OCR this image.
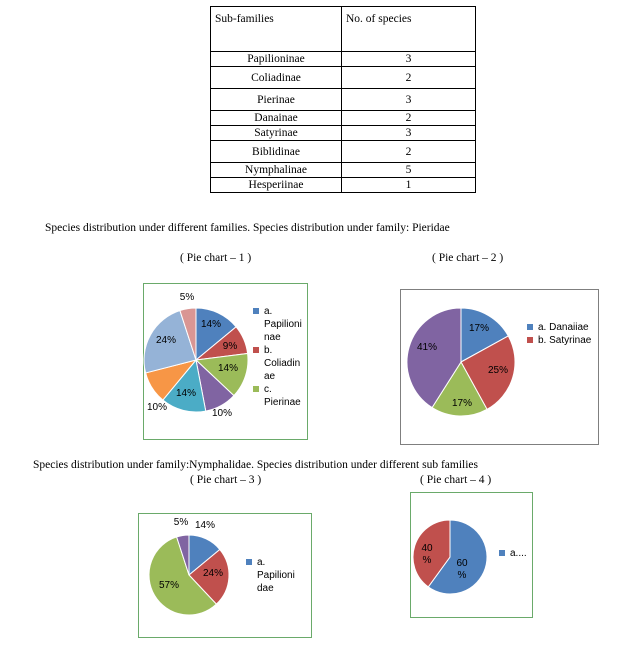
Sub-families	No. of species
Papilioninae	3
Coliadinae	2
Pierinae	3
Danainae	2
Satyrinae	3
Biblidinae	2
Nymphalinae	5
Hesperiinae	1
Species distribution under different families. Species distribution under family: Pieridae
( Pie chart – 1 )	( Pie chart – 2 )
Species distribution under family:Nymphalidae. Species distribution under different sub families
( Pie chart – 3 )	( Pie chart – 4 )
14%
9%
14%
10%
14%
10%
24%
5%
17%
25%
17%
41%
14%
24%
57%
5%
60 %
40 %
a. Papilioni nae
b. Coliadin ae
c. Pierinae
a. Danaiiae
b. Satyrinae
a. Papilioni dae
a....
